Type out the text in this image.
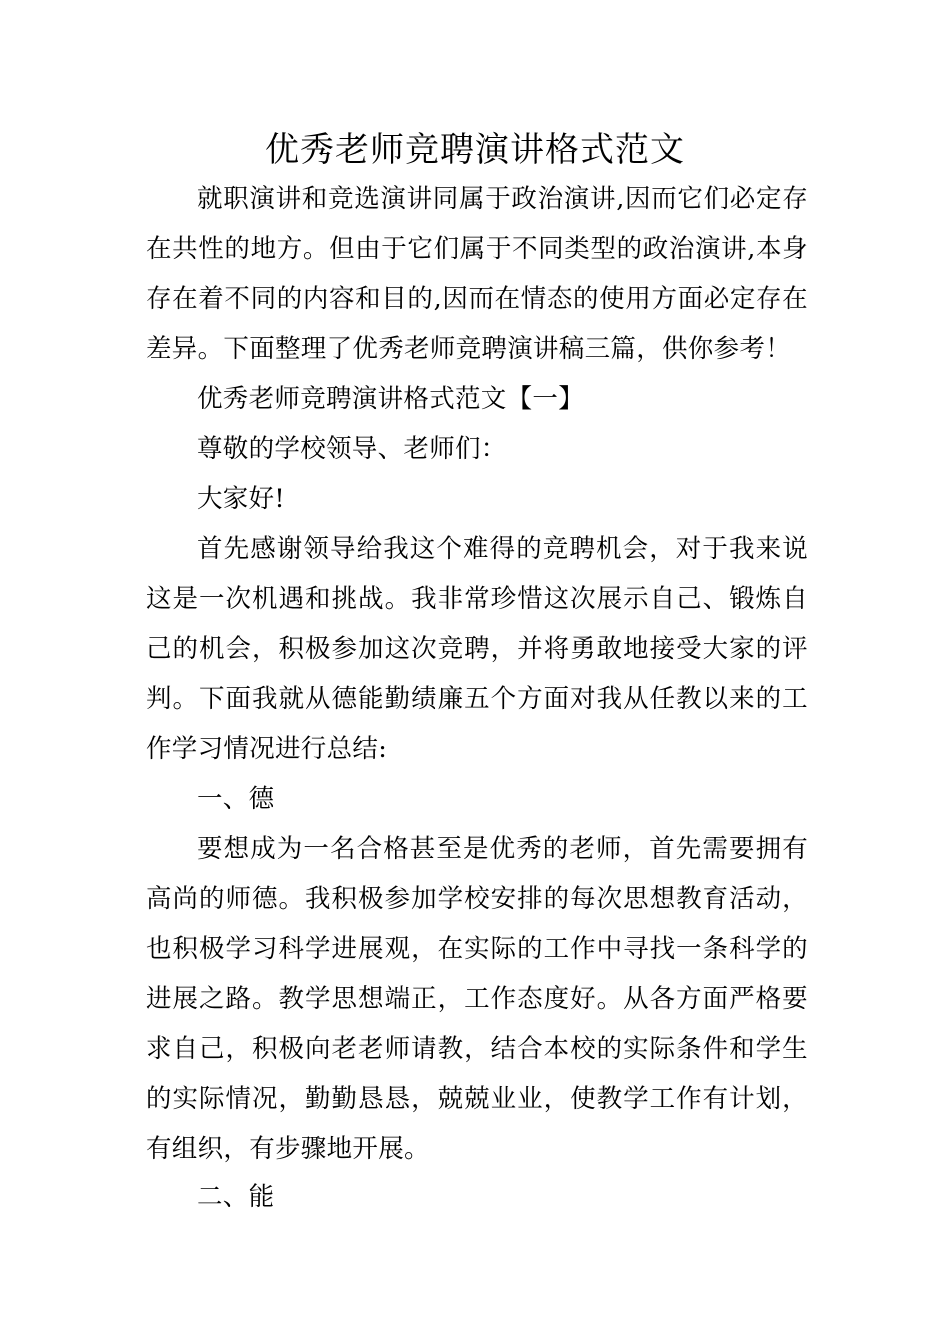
优秀老师竞聘演讲格式范文

就职演讲和竞选演讲同属于政治演讲,因而它们必定存在共性的地方。但由于它们属于不同类型的政治演讲,本身存在着不同的内容和目的,因而在情态的使用方面必定存在差异。下面整理了优秀老师竞聘演讲稿三篇，供你参考！

优秀老师竞聘演讲格式范文【一】

尊敬的学校领导、老师们：

大家好!

首先感谢领导给我这个难得的竞聘机会，对于我来说这是一次机遇和挑战。我非常珍惜这次展示自己、锻炼自己的机会，积极参加这次竞聘，并将勇敢地接受大家的评判。下面我就从德能勤绩廉五个方面对我从任教以来的工作学习情况进行总结:

一、德

要想成为一名合格甚至是优秀的老师，首先需要拥有高尚的师德。我积极参加学校安排的每次思想教育活动，也积极学习科学进展观，在实际的工作中寻找一条科学的进展之路。教学思想端正，工作态度好。从各方面严格要求自己，积极向老老师请教，结合本校的实际条件和学生的实际情况，勤勤恳恳，兢兢业业，使教学工作有计划，有组织，有步骤地开展。

二、能
